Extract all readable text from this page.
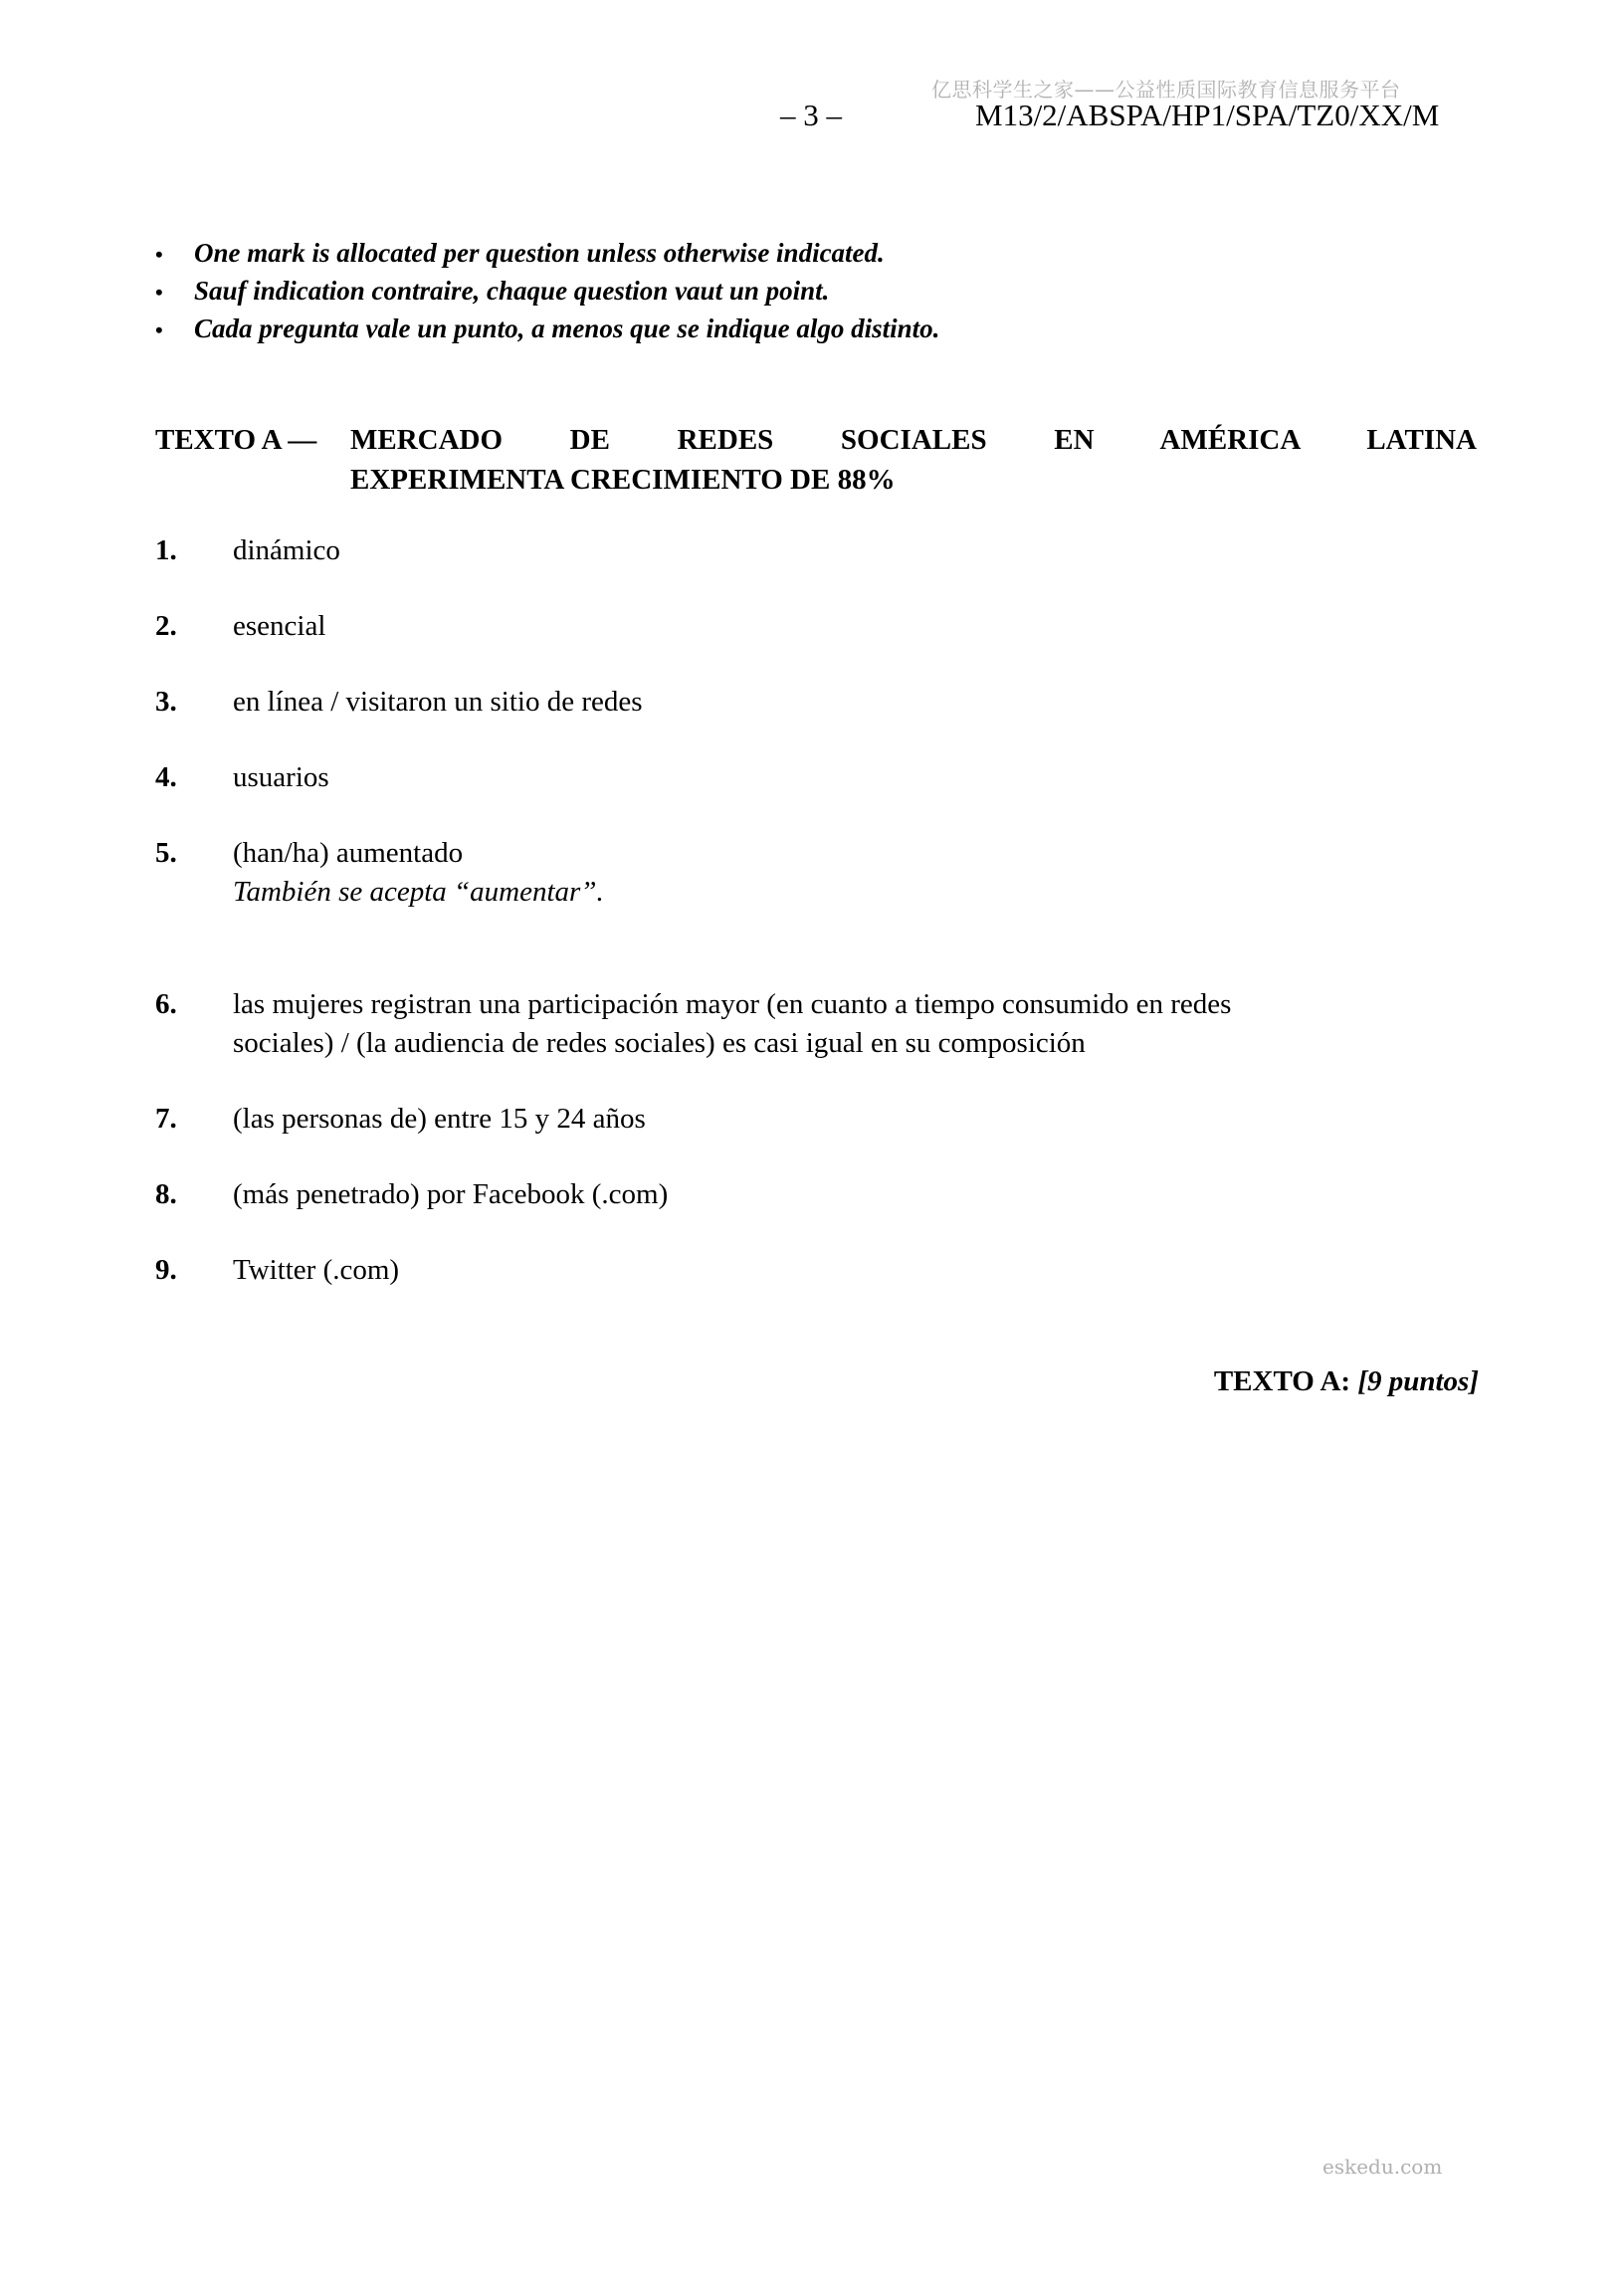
亿思科学生之家——公益性质国际教育信息服务平台
– 3 –	M13/2/ABSPA/HP1/SPA/TZ0/XX/M
•	One mark is allocated per question unless otherwise indicated.
•	Sauf indication contraire, chaque question vaut un point.
•	Cada pregunta vale un punto, a menos que se indique algo distinto.
TEXTO A —	MERCADO DE REDES SOCIALES EN AMÉRICA LATINA
EXPERIMENTA CRECIMIENTO DE 88%
1.	dinámico
2.	esencial
3.	en línea / visitaron un sitio de redes
4.	usuarios
5.	(han/ha) aumentado
También se acepta “aumentar”.
6.	las mujeres registran una participación mayor (en cuanto a tiempo consumido en redes sociales) / (la audiencia de redes sociales) es casi igual en su composición
7.	(las personas de) entre 15 y 24 años
8.	(más penetrado) por Facebook (.com)
9.	Twitter (.com)
TEXTO A: [9 puntos]
eskedu.com
